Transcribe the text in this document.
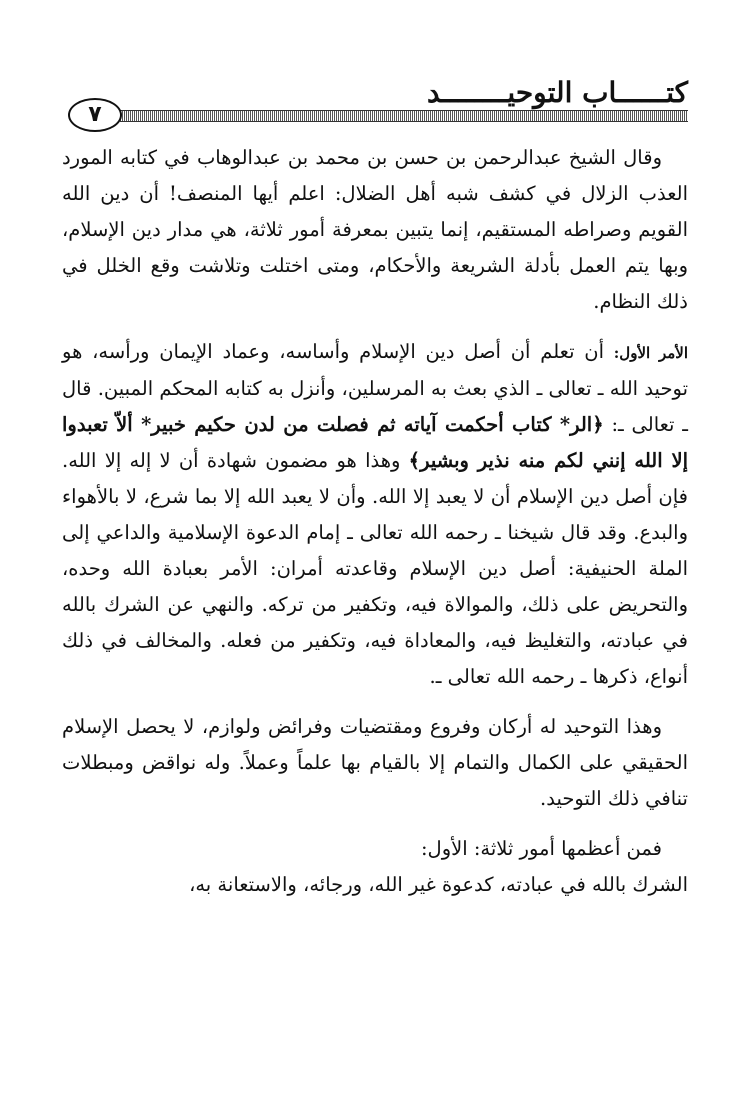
كتــــــاب التوحيــــــــد
٧

وقال الشيخ عبدالرحمن بن حسن بن محمد بن عبدالوهاب في كتابه المورد العذب الزلال في كشف شبه أهل الضلال: اعلم أيها المنصف! أن دين الله القويم وصراطه المستقيم، إنما يتبين بمعرفة أمور ثلاثة، هي مدار دين الإسلام، وبها يتم العمل بأدلة الشريعة والأحكام، ومتى اختلت وتلاشت وقع الخلل في ذلك النظام.

الأمر الأول: أن تعلم أن أصل دين الإسلام وأساسه، وعماد الإيمان ورأسه، هو توحيد الله ـ تعالى ـ الذي بعث به المرسلين، وأنزل به كتابه المحكم المبين. قال ـ تعالى ـ: ﴿الر* كتاب أحكمت آياته ثم فصلت من لدن حكيم خبير* ألاّ تعبدوا إلا الله إنني لكم منه نذير وبشير﴾ وهذا هو مضمون شهادة أن لا إله إلا الله. فإن أصل دين الإسلام أن لا يعبد إلا الله. وأن لا يعبد الله إلا بما شرع، لا بالأهواء والبدع. وقد قال شيخنا ـ رحمه الله تعالى ـ إمام الدعوة الإسلامية والداعي إلى الملة الحنيفية: أصل دين الإسلام وقاعدته أمران: الأمر بعبادة الله وحده، والتحريض على ذلك، والموالاة فيه، وتكفير من تركه. والنهي عن الشرك بالله في عبادته، والتغليظ فيه، والمعاداة فيه، وتكفير من فعله. والمخالف في ذلك أنواع، ذكرها ـ رحمه الله تعالى ـ.

وهذا التوحيد له أركان وفروع ومقتضيات وفرائض ولوازم، لا يحصل الإسلام الحقيقي على الكمال والتمام إلا بالقيام بها علماً وعملاً. وله نواقض ومبطلات تنافي ذلك التوحيد.

فمن أعظمها أمور ثلاثة: الأول:

الشرك بالله في عبادته، كدعوة غير الله، ورجائه، والاستعانة به،
